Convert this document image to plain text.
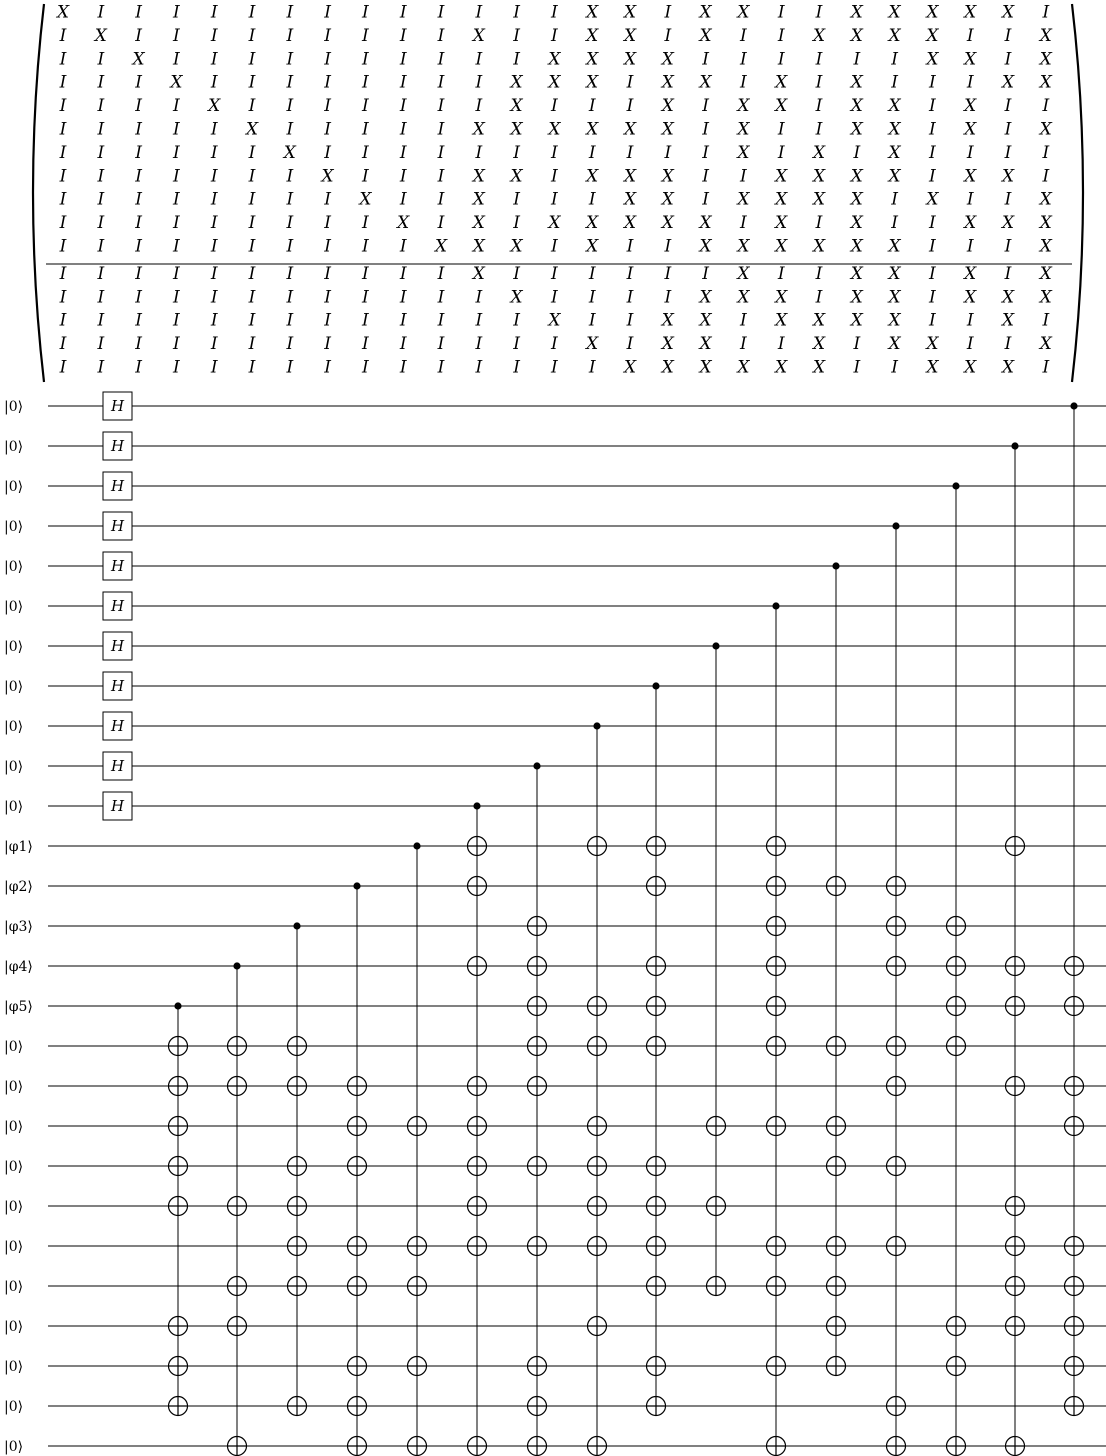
X I I I I I I I I I I I I I X X I X X I I X X X X X I
I X I I I I I I I I I X I I X X I X I I X X X X I I X
I I X I I I I I I I I I I X X X X I I I I I I X X I X
I I I X I I I I I I I I X X X I X X I X I X I I I X X
I I I I X I I I I I I I X I I I X I X X I X X I X I I
I I I I I X I I I I I X X X X X X I X I I X X I X I X
I I I I I I X I I I I I I I I I I I X I X I X I I I I
I I I I I I I X I I I X X I X X X I I X X X X I X X I
I I I I I I I I X I I X I I I X X I X X X X I X I I X
I I I I I I I I I X I X I X X X X X I X I X I I X X X
I I I I I I I I I I X X X I X I I X X X X X X I I I X
I I I I I I I I I I I X I I I I I I X I I X X I X I X
I I I I I I I I I I I I X I I I I X X X I X X I X X X
I I I I I I I I I I I I I X I I X X I X X X X I I X I
I I I I I I I I I I I I I I X I X X I I X I X X I I X
I I I I I I I I I I I I I I I X X X X X X I I X X X I
H
H
H
H
H
H
H
H
H
H
H
|0⟩
|0⟩
|0⟩
|0⟩
|0⟩
|0⟩
|0⟩
|0⟩
|0⟩
|0⟩
|0⟩
|φ1⟩
|φ2⟩
|φ3⟩
|φ4⟩
|φ5⟩
|0⟩
|0⟩
|0⟩
|0⟩
|0⟩
|0⟩
|0⟩
|0⟩
|0⟩
|0⟩
|0⟩
